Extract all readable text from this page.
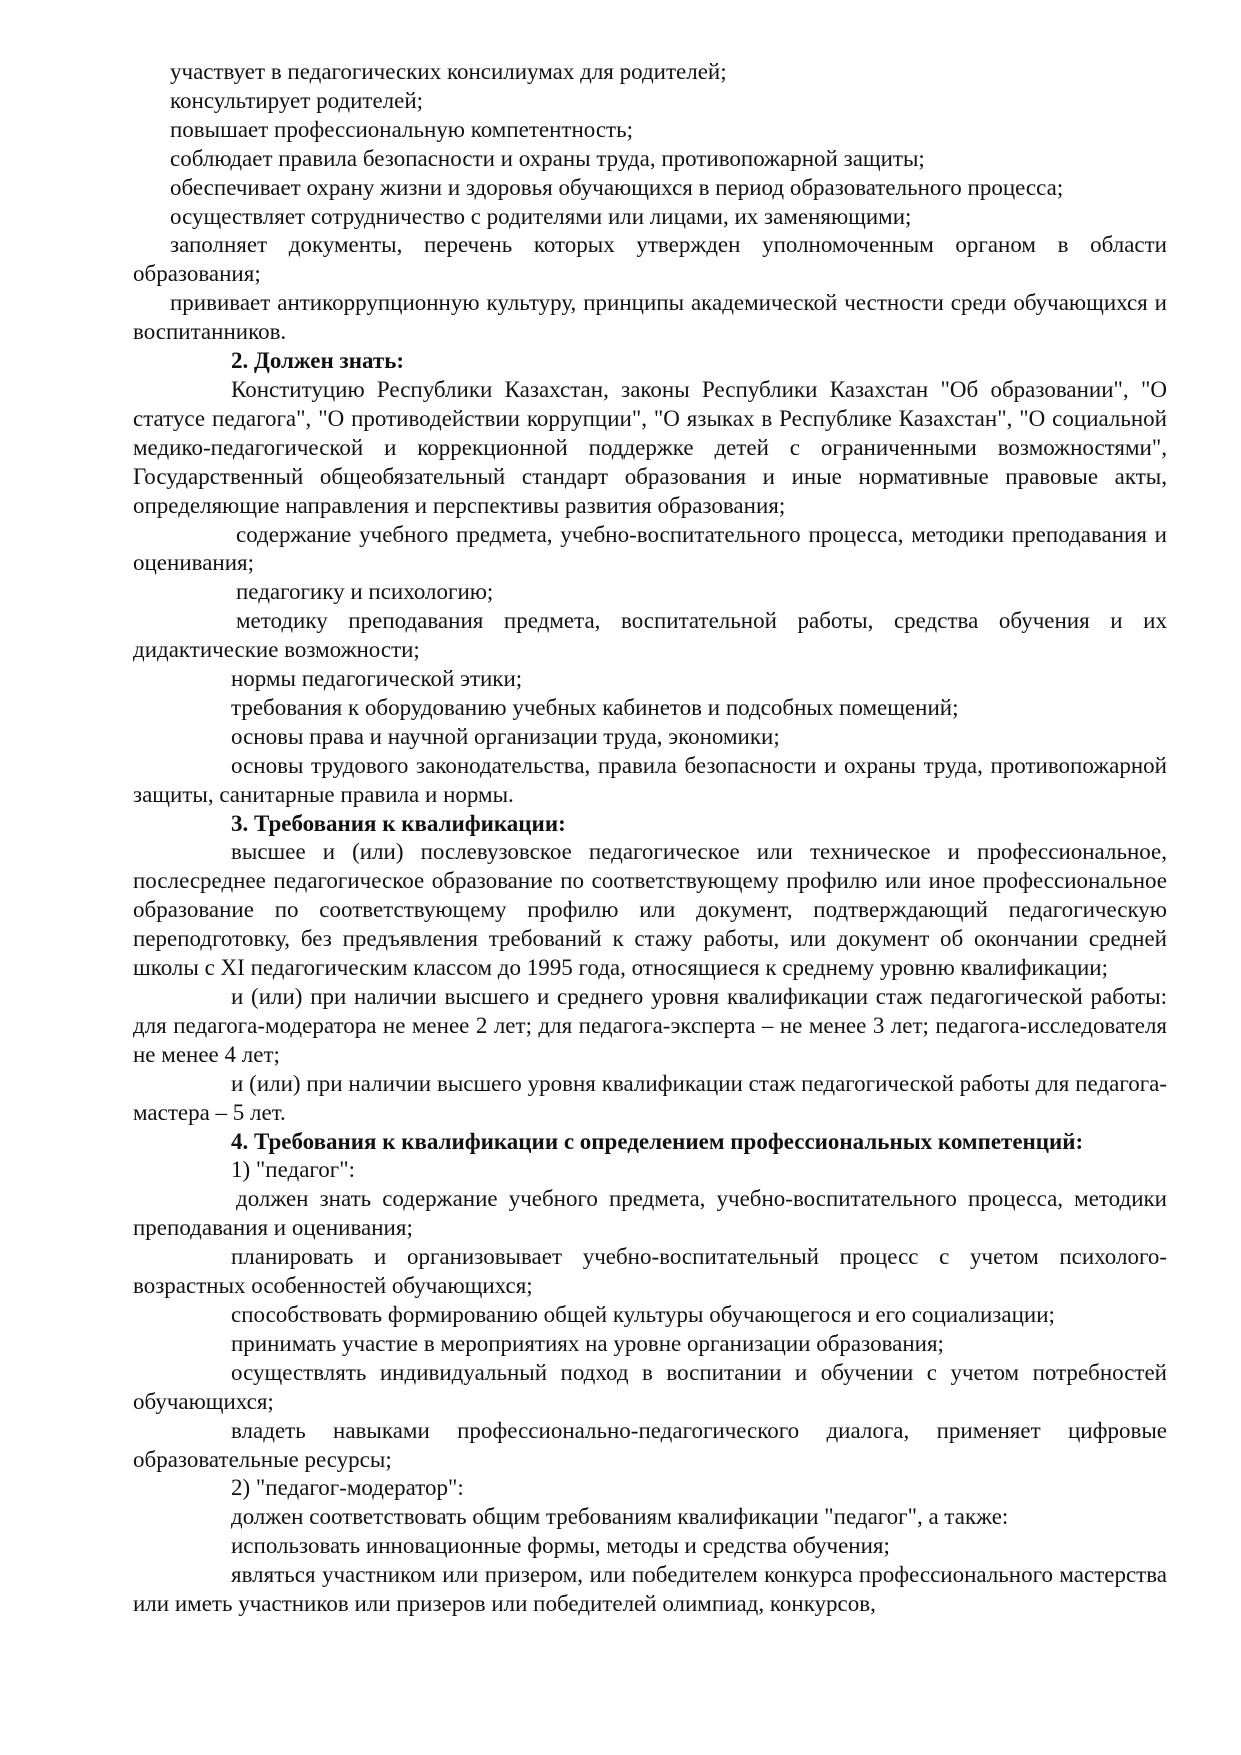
участвует в педагогических консилиумах для родителей;

консультирует родителей;

повышает профессиональную компетентность;

соблюдает правила безопасности и охраны труда, противопожарной защиты;

обеспечивает охрану жизни и здоровья обучающихся в период образовательного процесса;

осуществляет сотрудничество с родителями или лицами, их заменяющими;

заполняет документы, перечень которых утвержден уполномоченным органом в области образования;

прививает антикоррупционную культуру, принципы академической честности среди обучающихся и воспитанников.

2. Должен знать:

Конституцию Республики Казахстан, законы Республики Казахстан "Об образовании", "О статусе педагога", "О противодействии коррупции", "О языках в Республике Казахстан", "О социальной медико-педагогической и коррекционной поддержке детей с ограниченными возможностями", Государственный общеобязательный стандарт образования и иные нормативные правовые акты, определяющие направления и перспективы развития образования;

содержание учебного предмета, учебно-воспитательного процесса, методики преподавания и оценивания;

педагогику и психологию;

методику преподавания предмета, воспитательной работы, средства обучения и их дидактические возможности;

нормы педагогической этики;

требования к оборудованию учебных кабинетов и подсобных помещений;

основы права и научной организации труда, экономики;

основы трудового законодательства, правила безопасности и охраны труда, противопожарной защиты, санитарные правила и нормы.

3. Требования к квалификации:

высшее и (или) послевузовское педагогическое или техническое и профессиональное, послесреднее педагогическое образование по соответствующему профилю или иное профессиональное образование по соответствующему профилю или документ, подтверждающий педагогическую переподготовку, без предъявления требований к стажу работы, или документ об окончании средней школы с XI педагогическим классом до 1995 года, относящиеся к среднему уровню квалификации;

и (или) при наличии высшего и среднего уровня квалификации стаж педагогической работы: для педагога-модератора не менее 2 лет; для педагога-эксперта – не менее 3 лет; педагога-исследователя не менее 4 лет;

и (или) при наличии высшего уровня квалификации стаж педагогической работы для педагога-мастера – 5 лет.

4. Требования к квалификации с определением профессиональных компетенций:

1) "педагог":

должен знать содержание учебного предмета, учебно-воспитательного процесса, методики преподавания и оценивания;

планировать и организовывает учебно-воспитательный процесс с учетом психолого-возрастных особенностей обучающихся;

способствовать формированию общей культуры обучающегося и его социализации;

принимать участие в мероприятиях на уровне организации образования;

осуществлять индивидуальный подход в воспитании и обучении с учетом потребностей обучающихся;

владеть навыками профессионально-педагогического диалога, применяет цифровые образовательные ресурсы;

2) "педагог-модератор":

должен соответствовать общим требованиям квалификации "педагог", а также:

использовать инновационные формы, методы и средства обучения;

являться участником или призером, или победителем конкурса профессионального мастерства или иметь участников или призеров или победителей олимпиад, конкурсов,
